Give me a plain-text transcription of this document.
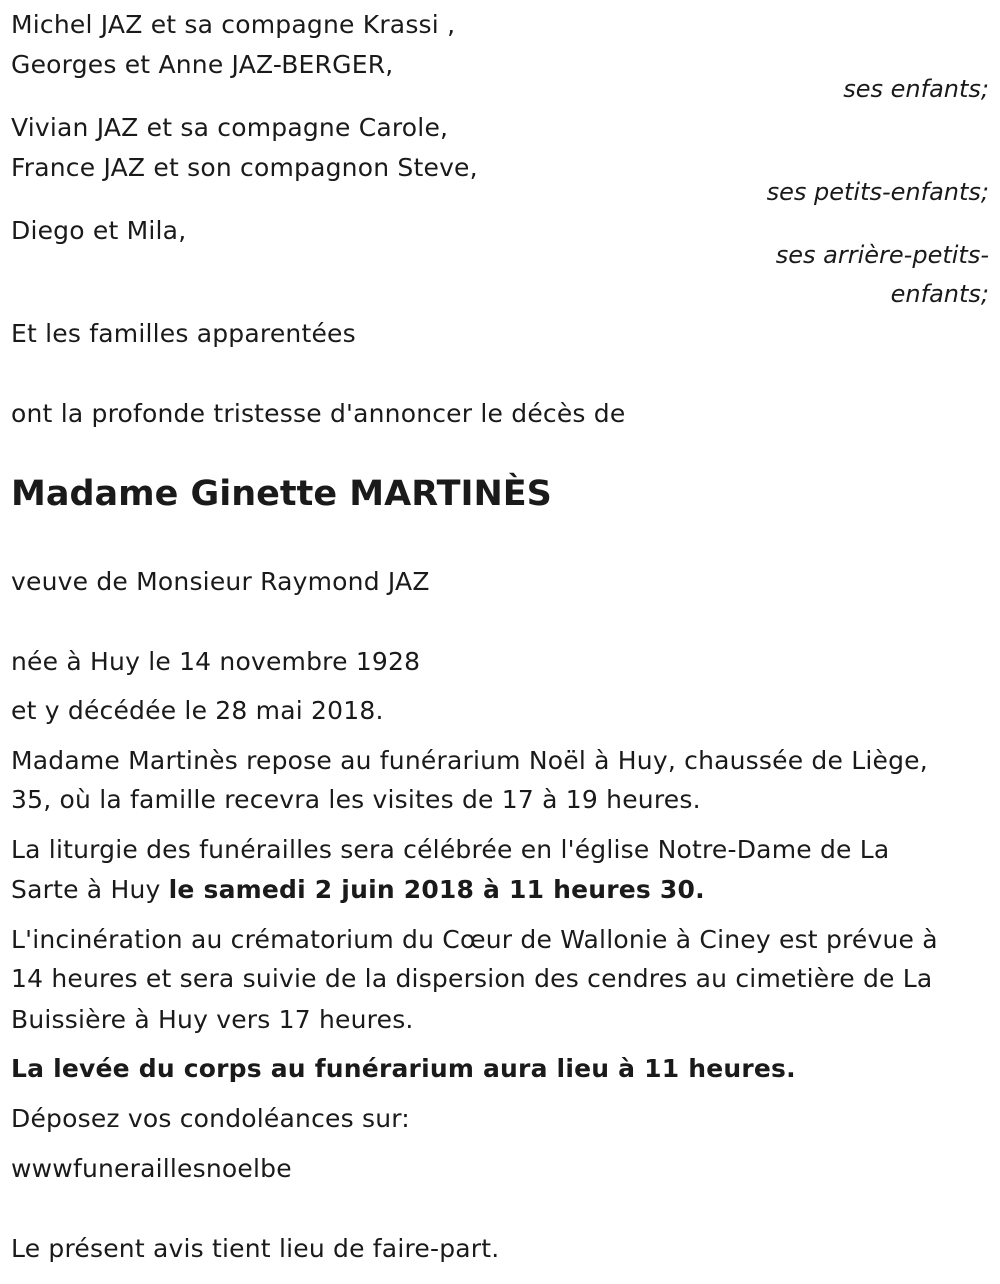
Michel JAZ et sa compagne Krassi ,
Georges et Anne JAZ-BERGER,
ses enfants;
Vivian JAZ et sa compagne Carole,
France JAZ et son compagnon Steve,
ses petits-enfants;
Diego et Mila,
ses arrière-petits-
enfants;
Et les familles apparentées
ont la profonde tristesse d'annoncer le décès de
Madame Ginette MARTINÈS
veuve de Monsieur Raymond JAZ
née à Huy le 14 novembre 1928
et y décédée le 28 mai 2018.
Madame Martinès repose au funérarium Noël à Huy, chaussée de Liège,
35, où la famille recevra les visites de 17 à 19 heures.
La liturgie des funérailles sera célébrée en l'église Notre-Dame de La
Sarte à Huy le samedi 2 juin 2018 à 11 heures 30.
L'incinération au crématorium du Cœur de Wallonie à Ciney est prévue à
14 heures et sera suivie de la dispersion des cendres au cimetière de La
Buissière à Huy vers 17 heures.
La levée du corps au funérarium aura lieu à 11 heures.
Déposez vos condoléances sur:
wwwfuneraillesnoelbe
Le présent avis tient lieu de faire-part.
